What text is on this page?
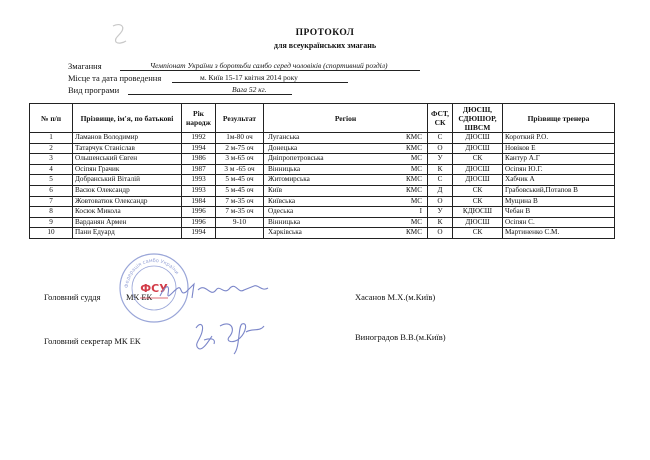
ПРОТОКОЛ
для всеукраїнських змагань
Змагання	Чемпіонат України з боротьби самбо серед чоловіків (спортивний розділ)
Місце та дата проведення	м. Київ 15-17 квітня 2014 року
Вид програми	Вага 52 кг.
№ п/п	Прізвище, ім'я, по батькові	Рік народж	Результат	Регіон	ФСТ, СК	ДЮСШ, СДЮШОР, ШВСМ	Прізвище тренера
1	Ламанов Володимир	1992	1м-80 оч	Луганська КМС	С	ДЮСШ	Короткий Р.О.
2	Татарчук Станіслав	1994	2 м-75 оч	Донецька КМС	О	ДЮСШ	Новіков Е
3	Ольшенський Євген	1986	3 м-65 оч	Дніпропетровська МС	У	СК	Кантур А.Г
4	Осіпян Грачик	1987	3 м -65 оч	Вінницька МС	К	ДЮСШ	Осіпян Ю.Г.
5	Добранський Віталій	1993	5 м-45 оч	Житомирська КМС	С	ДЮСШ	Хабчик А
6	Васюк Олександр	1993	5 м-45 оч	Київ КМС	Д	СК	Грабовський,Потапов В
7	Жовтоватюк Олександр	1984	7 м-35 оч	Київська МС	О	СК	Мущина В
8	Косюк Микола	1996	7 м-35 оч	Одеська І	У	КДЮСШ	Чебан В
9	Варданян Армен	1996	9-10	Вінницька МС	К	ДЮСШ	Осіпян С.
10	Пани Едуард	1994		Харківська КМС	О	СК	Мартиненко С.М.
Головний суддя	МК ЕК	Хасанов М.Х.(м.Київ)
Головний секретар МК ЕК	Виноградов В.В.(м.Київ)
Федерація самбо України
ФСУ
